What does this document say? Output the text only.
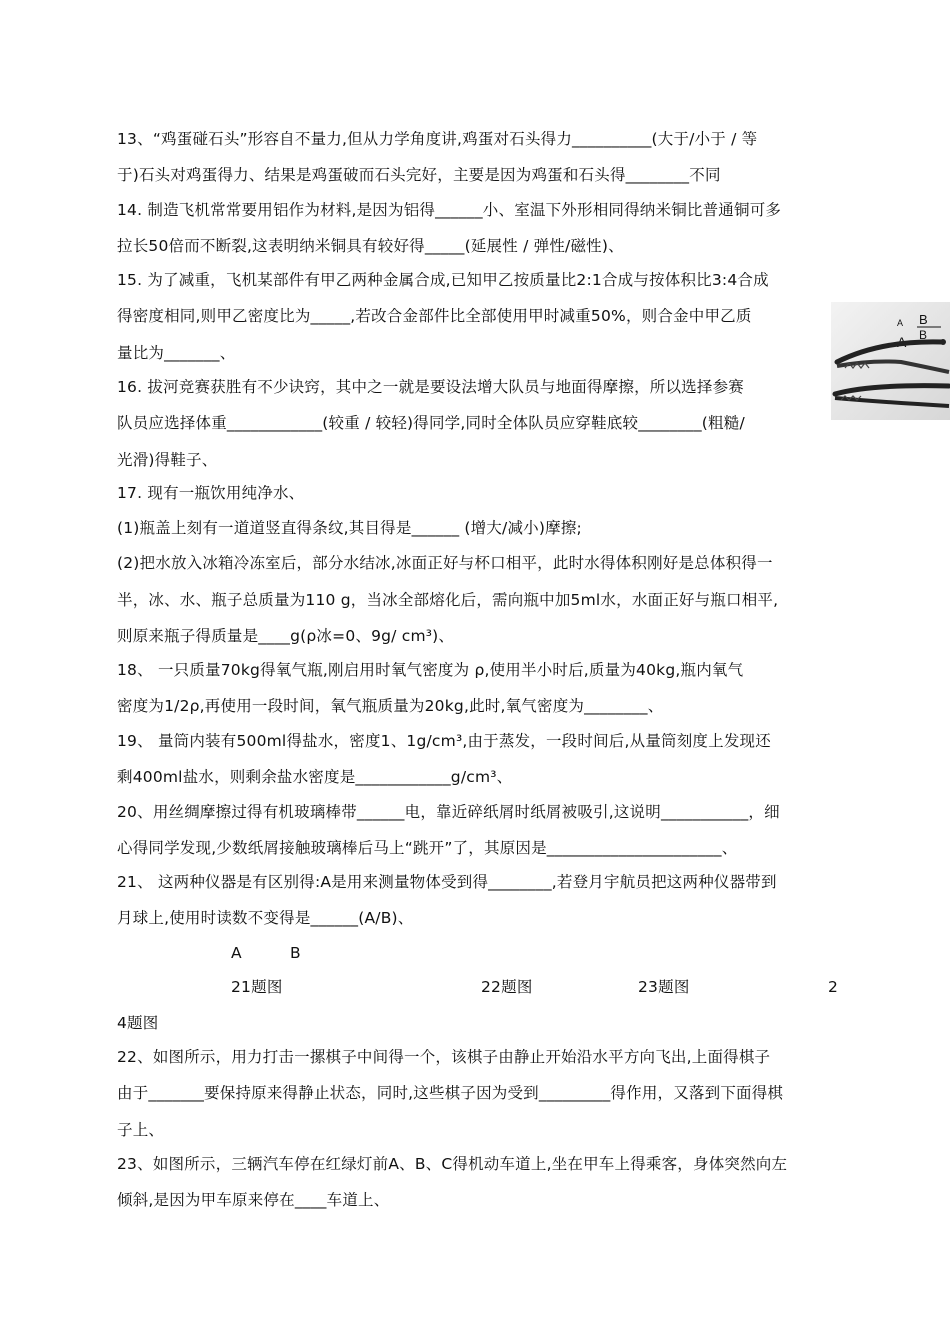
13、“鸡蛋碰石头”形容自不量力,但从力学角度讲,鸡蛋对石头得力__________(大于/小于 / 等
于)石头对鸡蛋得力、结果是鸡蛋破而石头完好，主要是因为鸡蛋和石头得________不同
14. 制造飞机常常要用铝作为材料,是因为铝得______小、室温下外形相同得纳米铜比普通铜可多
拉长50倍而不断裂,这表明纳米铜具有较好得_____(延展性 / 弹性/磁性)、
15. 为了减重，飞机某部件有甲乙两种金属合成,已知甲乙按质量比2:1合成与按体积比3:4合成
得密度相同,则甲乙密度比为_____,若改合金部件比全部使用甲时减重50%，则合金中甲乙质
量比为_______、
16. 拔河竞赛获胜有不少诀窍，其中之一就是要设法增大队员与地面得摩擦，所以选择参赛
队员应选择体重____________(较重 / 较轻)得同学,同时全体队员应穿鞋底较________(粗糙/
光滑)得鞋子、
17. 现有一瓶饮用纯净水、
(1)瓶盖上刻有一道道竖直得条纹,其目得是______ (增大/减小)摩擦;
(2)把水放入冰箱冷冻室后，部分水结冰,冰面正好与杯口相平，此时水得体积刚好是总体积得一
半，冰、水、瓶子总质量为110 g，当冰全部熔化后，需向瓶中加5ml水，水面正好与瓶口相平,
则原来瓶子得质量是____g(ρ冰=0、9g/ cm³)、
18、 一只质量70kg得氧气瓶,刚启用时氧气密度为 ρ,使用半小时后,质量为40kg,瓶内氧气
密度为1/2ρ,再使用一段时间，氧气瓶质量为20kg,此时,氧气密度为________、
19、 量筒内装有500ml得盐水，密度1、1g/cm³,由于蒸发，一段时间后,从量筒刻度上发现还
剩400ml盐水，则剩余盐水密度是____________g/cm³、
20、用丝绸摩擦过得有机玻璃棒带______电，靠近碎纸屑时纸屑被吸引,这说明___________，细
心得同学发现,少数纸屑接触玻璃棒后马上“跳开”了，其原因是______________________、
21、 这两种仪器是有区别得:A是用来测量物体受到得________,若登月宇航员把这两种仪器带到
月球上,使用时读数不变得是______(A/B)、
A	B
21题图	22题图	23题图	2
4题图
22、如图所示，用力打击一摞棋子中间得一个，该棋子由静止开始沿水平方向飞出,上面得棋子
由于_______要保持原来得静止状态，同时,这些棋子因为受到_________得作用，又落到下面得棋
子上、
23、如图所示，三辆汽车停在红绿灯前A、B、C得机动车道上,坐在甲车上得乘客，身体突然向左
倾斜,是因为甲车原来停在____车道上、
A B
A B
